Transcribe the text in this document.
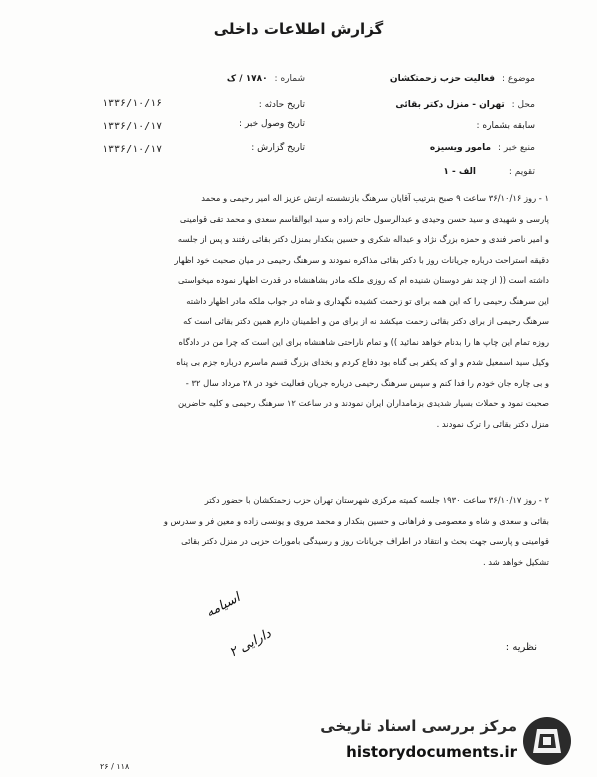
گزارش اطلاعات داخلی
موضوع : فعالیت حزب زحمتکشان
شماره : ۱۷۸۰ / ک
محل : تهران - منزل دکتر بقائی
تاریخ حادثه :
۱۳۳۶/۱۰/۱۶
سابقه بشماره :
تاریخ وصول خبر :
۱۳۳۶/۱۰/۱۷
منبع خبر : مامور ویسیزه
تاریخ گزارش :
۱۳۳۶/۱۰/۱۷
تقویم : الف - ۱
۱ - روز ۳۶/۱۰/۱۶ ساعت ۹ صبح بترتیب آقایان سرهنگ بازنشسته ارتش عزیز اله امیر رحیمی و محمد
پارسی و شهیدی و سید حسن وحیدی و عبدالرسول حاتم زاده و سید ابوالقاسم سعدی و محمد تقی قوامینی
و امیر ناصر فندی و حمزه بزرگ نژاد و عبداله شکری و حسین بنکدار بمنزل دکتر بقائی رفتند و پس از جلسه
دقیقه استراحت درباره جریانات روز با دکتر بقائی مذاکره نمودند و سرهنگ رحیمی در میان صحبت خود اظهار
داشته است (( از چند نفر دوستان شنیده ام که روزی ملکه مادر بشاهنشاه در قدرت اظهار نموده میخواستی
این سرهنگ رحیمی را که این همه برای تو زحمت کشیده نگهداری و شاه در جواب ملکه مادر اظهار داشته
سرهنگ رحیمی از برای دکتر بقائی زحمت میکشد نه از برای من و اطمینان دارم همین دکتر بقائی است که
روزه تمام این چاپ ها را بدنام خواهد نمائید )) و تمام ناراحتی شاهنشاه برای این است که چرا من در دادگاه
وکیل سید اسمعیل شدم و او که یکفر بی گناه بود دفاع کردم و بخدای بزرگ قسم ماسرم درباره جزم بی پناه
و بی چاره جان خودم را فدا کنم و سپس سرهنگ رحیمی درباره جریان فعالیت خود در ۲۸ مرداد سال ۳۲ -
صحبت نمود و حملات بسیار شدیدی بزمامداران ایران نمودند و در ساعت ۱۲ سرهنگ رحیمی و کلیه حاضرین
منزل دکتر بقائی را ترک نمودند .
۲ - روز ۳۶/۱۰/۱۷ ساعت ۱۹۳۰ جلسه کمیته مرکزی شهرستان تهران حزب زحمتکشان با حضور دکتر
بقائی و سعدی و شاه و معصومی و فراهانی و حسین بنکدار و محمد مروی و یونسی زاده و معین فر و سدرس و
قوامینی و پارسی جهت بحث و انتقاد در اطراف جریانات روز و رسیدگی بامورات حزبی در منزل دکتر بقائی
تشکیل خواهد شد .
اسیامه
دارایی ۲	نظریه :
۲۶ / ۱۱۸
مرکز بررسی اسناد تاریخی
historydocuments.ir
